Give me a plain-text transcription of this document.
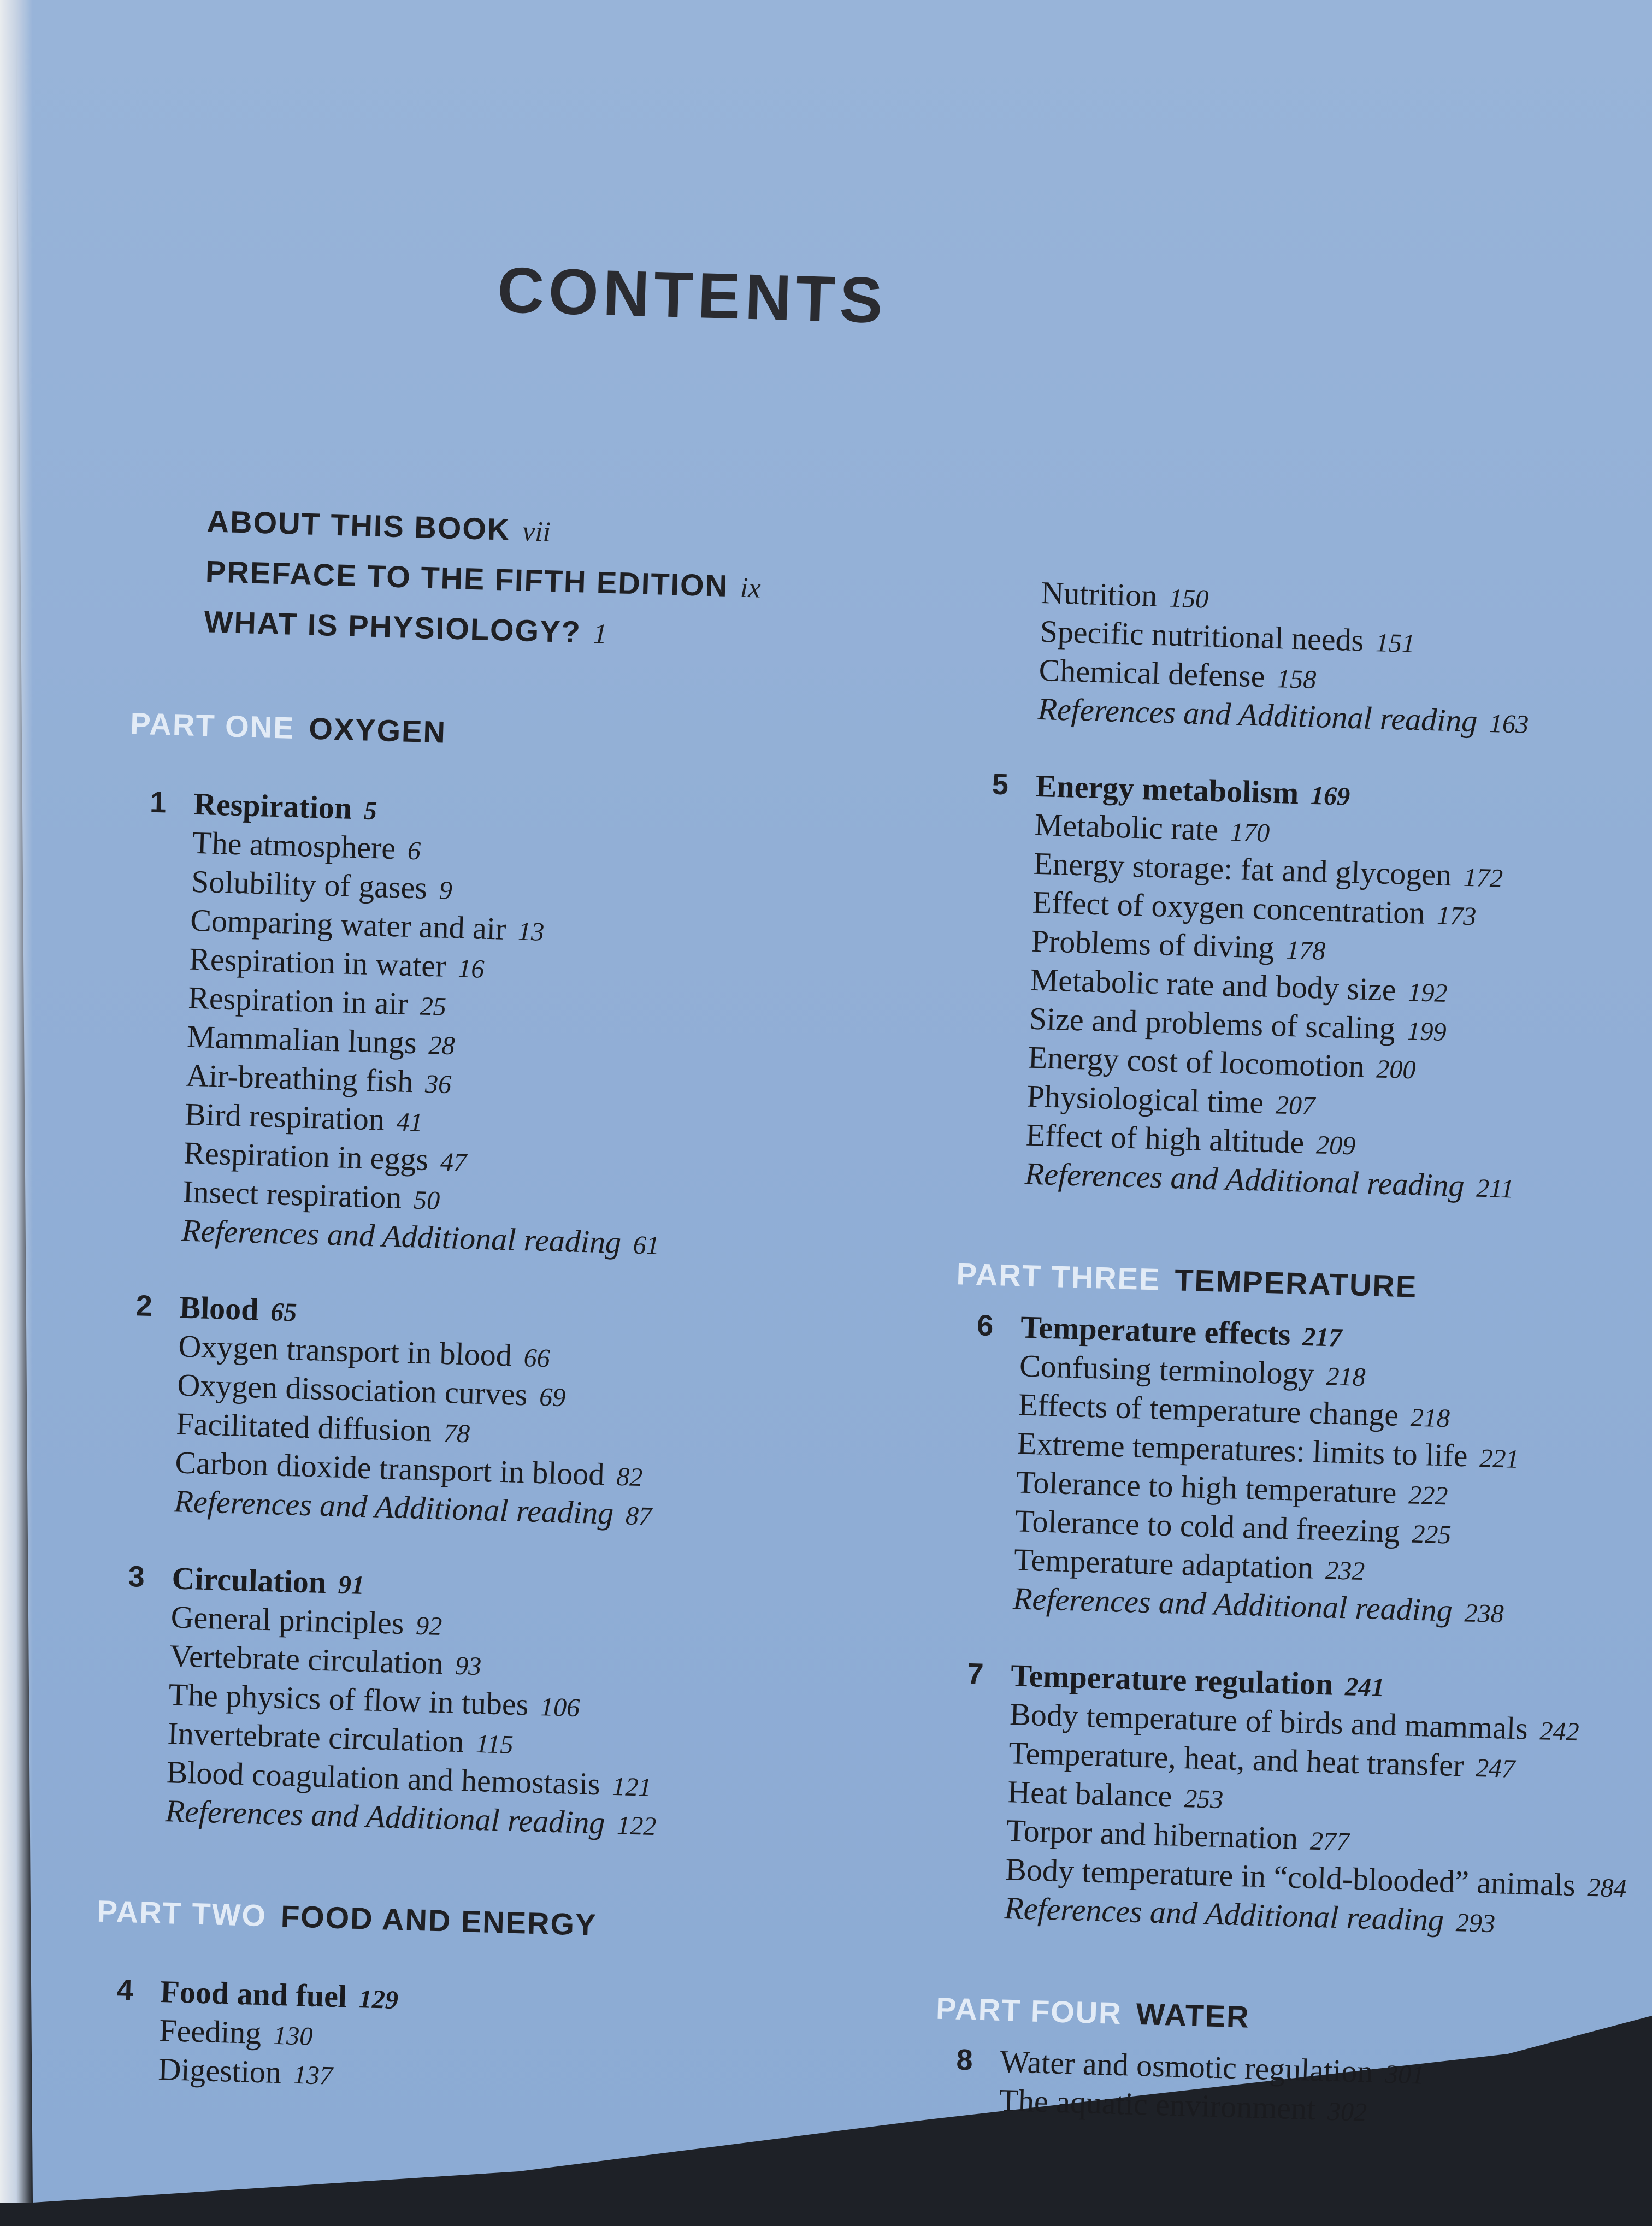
CONTENTS
ABOUT THIS BOOK vii
PREFACE TO THE FIFTH EDITION ix
WHAT IS PHYSIOLOGY? 1
PART ONE OXYGEN
1 Respiration 5
The atmosphere 6
Solubility of gases 9
Comparing water and air 13
Respiration in water 16
Respiration in air 25
Mammalian lungs 28
Air-breathing fish 36
Bird respiration 41
Respiration in eggs 47
Insect respiration 50
References and Additional reading 61
2 Blood 65
Oxygen transport in blood 66
Oxygen dissociation curves 69
Facilitated diffusion 78
Carbon dioxide transport in blood 82
References and Additional reading 87
3 Circulation 91
General principles 92
Vertebrate circulation 93
The physics of flow in tubes 106
Invertebrate circulation 115
Blood coagulation and hemostasis 121
References and Additional reading 122
PART TWO FOOD AND ENERGY
4 Food and fuel 129
Feeding 130
Digestion 137
Nutrition 150
Specific nutritional needs 151
Chemical defense 158
References and Additional reading 163
5 Energy metabolism 169
Metabolic rate 170
Energy storage: fat and glycogen 172
Effect of oxygen concentration 173
Problems of diving 178
Metabolic rate and body size 192
Size and problems of scaling 199
Energy cost of locomotion 200
Physiological time 207
Effect of high altitude 209
References and Additional reading 211
PART THREE TEMPERATURE
6 Temperature effects 217
Confusing terminology 218
Effects of temperature change 218
Extreme temperatures: limits to life 221
Tolerance to high temperature 222
Tolerance to cold and freezing 225
Temperature adaptation 232
References and Additional reading 238
7 Temperature regulation 241
Body temperature of birds and mammals 242
Temperature, heat, and heat transfer 247
Heat balance 253
Torpor and hibernation 277
Body temperature in “cold-blooded” animals 284
References and Additional reading 293
PART FOUR WATER
8 Water and osmotic regulation 301
The aquatic environment 302
